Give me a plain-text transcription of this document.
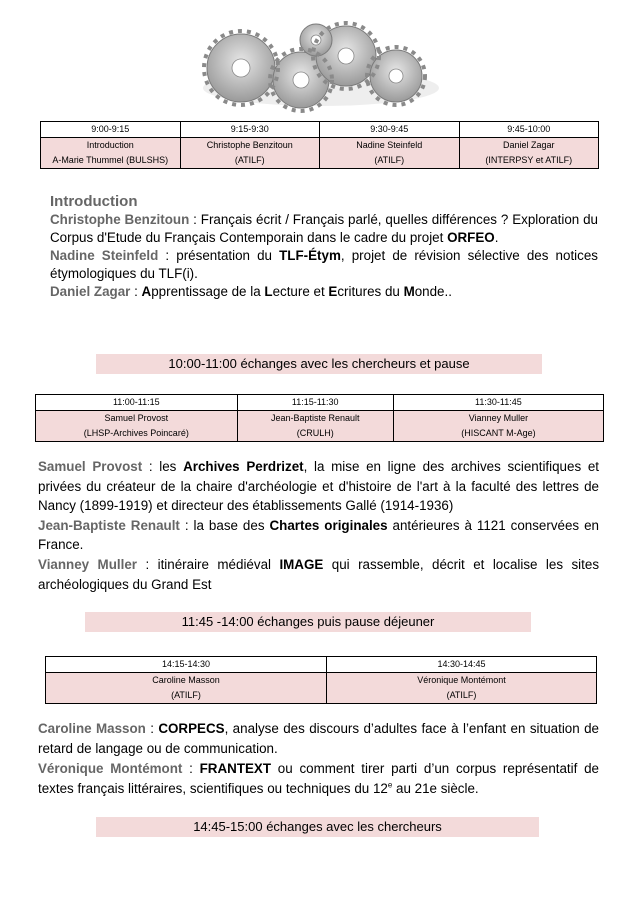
9:00-9:15	9:15-9:30	9:30-9:45	9:45-10:00
Introduction	Christophe Benzitoun	Nadine Steinfeld	Daniel Zagar
A-Marie Thummel (BULSHS)	(ATILF)	(ATILF)	(INTERPSY et ATILF)
Introduction
Christophe Benzitoun : Français écrit / Français parlé, quelles différences ? Exploration du Corpus d'Etude du Français Contemporain dans le cadre du projet ORFEO.
Nadine Steinfeld : présentation du TLF-Étym, projet de révision sélective des notices étymologiques du TLF(i).
Daniel Zagar : Apprentissage de la Lecture et Ecritures du Monde..
10:00-11:00 échanges avec les chercheurs et pause
11:00-11:15	11:15-11:30	11:30-11:45
Samuel Provost	Jean-Baptiste Renault	Vianney Muller
(LHSP-Archives Poincaré)	(CRULH)	(HISCANT M-Age)
Samuel Provost : les Archives Perdrizet, la mise en ligne des archives scientifiques et privées du créateur de la chaire d'archéologie et d'histoire de l'art à la faculté des lettres de Nancy (1899-1919) et directeur des établissements Gallé (1914-1936)
Jean-Baptiste Renault : la base des Chartes originales antérieures à 1121 conservées en France.
Vianney Muller : itinéraire médiéval IMAGE qui rassemble, décrit et localise les sites archéologiques du Grand Est
11:45 -14:00 échanges puis pause déjeuner
14:15-14:30	14:30-14:45
Caroline Masson	Véronique Montémont
(ATILF)	(ATILF)
Caroline Masson : CORPECS, analyse des discours d’adultes face à l’enfant en situation de retard de langage ou de communication.
Véronique Montémont : FRANTEXT ou comment tirer parti d’un corpus représentatif de textes français littéraires, scientifiques ou techniques du 12e au 21e siècle.
14:45-15:00 échanges avec les chercheurs
